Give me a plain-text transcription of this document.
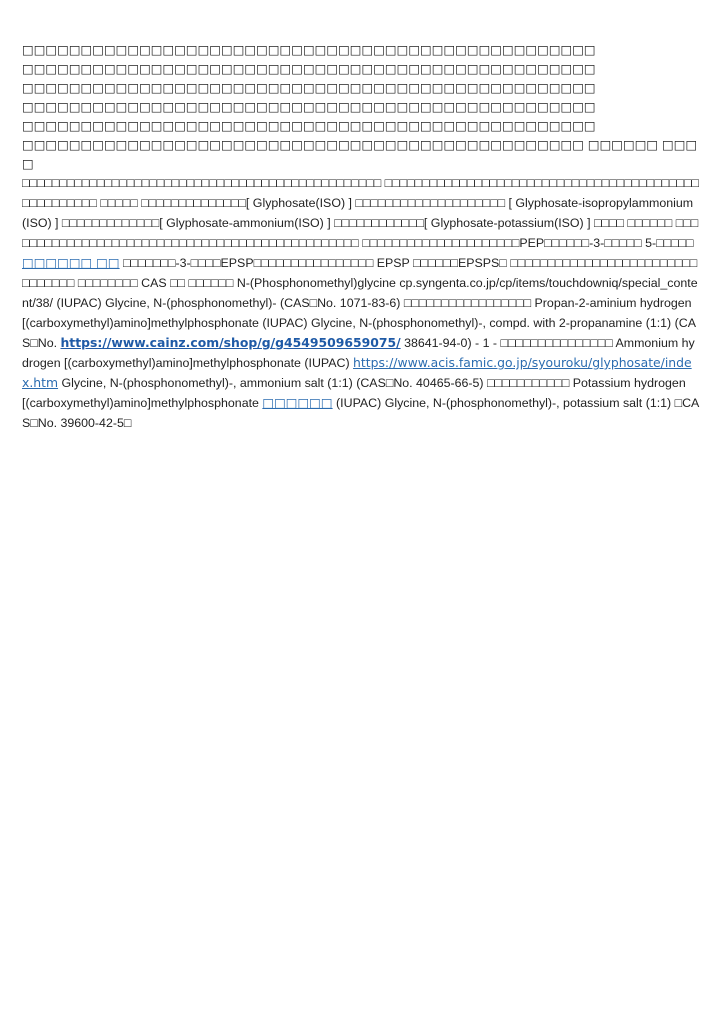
□□□□□□□□□□□□□□□□□□□□□□□□□□□□□□□□□□□□□□□□□□□□□□□□□
□□□□□□□□□□□□□□□□□□□□□□□□□□□□□□□□□□□□□□□□□□□□□□□□□
□□□□□□□□□□□□□□□□□□□□□□□□□□□□□□□□□□□□□□□□□□□□□□□□□
□□□□□□□□□□□□□□□□□□□□□□□□□□□□□□□□□□□□□□□□□□□□□□□□□
□□□□□□□□□□□□□□□□□□□□□□□□□□□□□□□□□□□□□□□□□□□□□□□□□
□□□□□□□□□□□□□□□□□□□□□□□□□□□□□□□□□□□□□□□□□□□□□□□□ □□□□□□ □□□□
□□□□□□□□□□□□□□□□□□□□□□□□□□□□□□□□□□□□□□□□□□□□□□□□ □□□□□□□□□□□□□□□□□□□□□□□□□□□□□□□□□□□□□□□□□□□□□□□□□□□□ □□□□□ □□□□□□□□□□□□□□[ Glyphosate(ISO) ] □□□□□□□□□□□□□□□□□□□□ [ Glyphosate-isopropylammonium(ISO) ] □□□□□□□□□□□□□[ Glyphosate-ammonium(ISO) ] □□□□□□□□□□□□[ Glyphosate-potassium(ISO) ] □□□□ □□□□□□ □□□□□□□□□□□□□□□□□□□□□□□□□□□□□□□□□□□□□□□□□□□□□□□□ □□□□□□□□□□□□□□□□□□□□□PEP□□□□□□-3-□□□□□ 5-□□□□□ □□□□□□ □□ □□□□□□□-3-□□□□EPSP□□□□□□□□□□□□□□□□ EPSP □□□□□□EPSPS□ □□□□□□□□□□□□□□□□□□□□□□□□□□□□□□□□ □□□□□□□□ CAS □□ □□□□□□ N-(Phosphonomethyl)glycine cp.syngenta.co.jp/cp/items/touchdowniq/special_content/38/ (IUPAC) Glycine, N-(phosphonomethyl)- (CAS□No. 1071-83-6) □□□□□□□□□□□□□□□□□ Propan-2-aminium hydrogen [(carboxymethyl)amino]methylphosphonate (IUPAC) Glycine, N-(phosphonomethyl)-, compd. with 2-propanamine (1:1) (CAS□No. https://www.cainz.com/shop/g/g4549509659075/ 38641-94-0) - 1 - □□□□□□□□□□□□□□□ Ammonium hydrogen [(carboxymethyl)amino]methylphosphonate (IUPAC) https://www.acis.famic.go.jp/syouroku/glyphosate/index.htm Glycine, N-(phosphonomethyl)-, ammonium salt (1:1) (CAS□No. 40465-66-5) □□□□□□□□□□□ Potassium hydrogen [(carboxymethyl)amino]methylphosphonate □□□□□□ (IUPAC) Glycine, N-(phosphonomethyl)-, potassium salt (1:1) □CAS□No. 39600-42-5□
